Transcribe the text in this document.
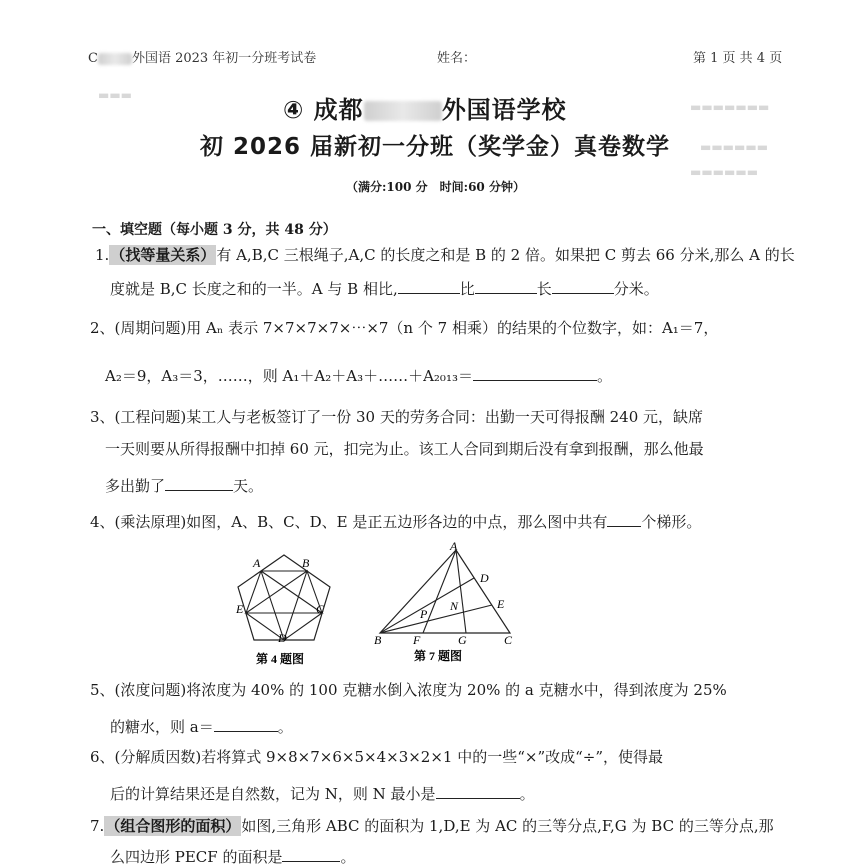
C	外国语 2023 年初一分班考试卷	姓名：	第 1 页 共 4 页
▬▬▬
▬▬▬▬▬▬▬
▬▬▬▬▬▬
▬▬▬▬▬▬
④ 成都	外国语学校
初 2026 届新初一分班（奖学金）真卷数学
（满分:100 分　时间:60 分钟）
一、填空题（每小题 3 分，共 48 分）
1.（找等量关系）有 A,B,C 三根绳子,A,C 的长度之和是 B 的 2 倍。如果把 C 剪去 66 分米,那么 A 的长
度就是 B,C 长度之和的一半。A 与 B 相比,	比	长	分米。
2、(周期问题)用 Aₙ 表示 7×7×7×7×⋯×7（n 个 7 相乘）的结果的个位数字，如：A₁＝7，
A₂＝9，A₃＝3，……，则 A₁＋A₂＋A₃＋……＋A₂₀₁₃＝	。
3、(工程问题)某工人与老板签订了一份 30 天的劳务合同：出勤一天可得报酬 240 元，缺席
一天则要从所得报酬中扣掉 60 元，扣完为止。该工人合同到期后没有拿到报酬，那么他最
多出勤了	天。
4、(乘法原理)如图，A、B、C、D、E 是正五边形各边的中点，那么图中共有 个梯形。
A	B
C
D
E
第 4 题图
A
B	C
D
E
F	G
N
P
第 7 题图
5、(浓度问题)将浓度为 40% 的 100 克糖水倒入浓度为 20% 的 a 克糖水中，得到浓度为 25%
的糖水，则 a＝	。
6、(分解质因数)若将算式 9×8×7×6×5×4×3×2×1 中的一些“×”改成“÷”，使得最
后的计算结果还是自然数，记为 N，则 N 最小是	。
7.（组合图形的面积）如图,三角形 ABC 的面积为 1,D,E 为 AC 的三等分点,F,G 为 BC 的三等分点,那
么四边形 PECF 的面积是	。
